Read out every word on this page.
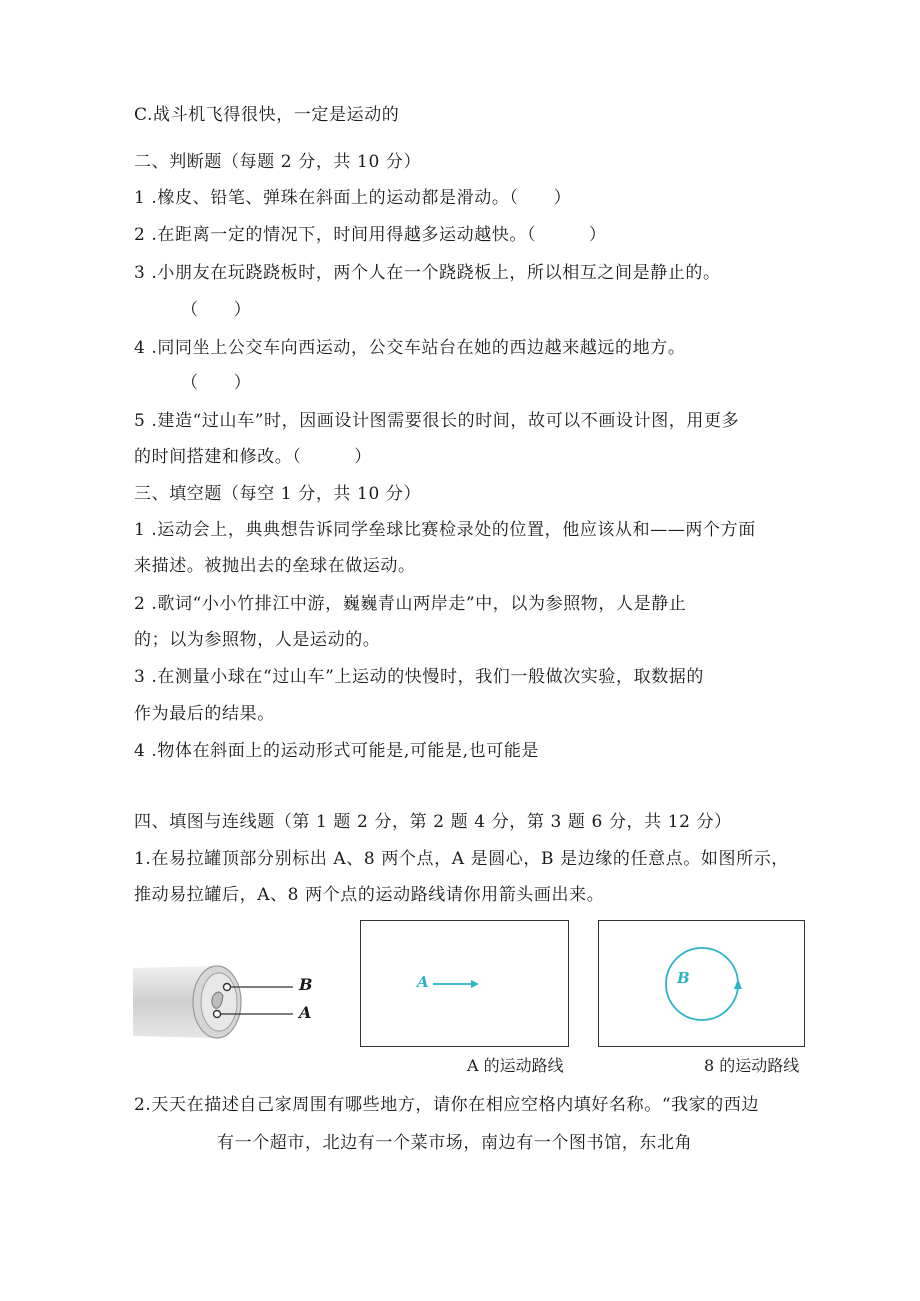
C.战斗机飞得很快，一定是运动的
二、判断题（每题 2 分，共 10 分）
1 .橡皮、铅笔、弹珠在斜面上的运动都是滑动。（　　）
2 .在距离一定的情况下，时间用得越多运动越快。（　　　）
3 .小朋友在玩跷跷板时，两个人在一个跷跷板上，所以相互之间是静止的。
（　　）
4 .同同坐上公交车向西运动，公交车站台在她的西边越来越远的地方。
（　　）
5 .建造“过山车”时，因画设计图需要很长的时间，故可以不画设计图，用更多
的时间搭建和修改。（　　　）
三、填空题（每空 1 分，共 10 分）
1 .运动会上，典典想告诉同学垒球比赛检录处的位置，他应该从和——两个方面
来描述。被抛出去的垒球在做运动。
2 .歌词“小小竹排江中游，巍巍青山两岸走”中，以为参照物，人是静止
的；以为参照物，人是运动的。
3 .在测量小球在“过山车”上运动的快慢时，我们一般做次实验，取数据的
作为最后的结果。
4 .物体在斜面上的运动形式可能是,可能是,也可能是
四、填图与连线题（第 1 题 2 分，第 2 题 4 分，第 3 题 6 分，共 12 分）
1.在易拉罐顶部分别标出 A、8 两个点，A 是圆心，B 是边缘的任意点。如图所示，
推动易拉罐后，A、8 两个点的运动路线请你用箭头画出来。
B
A
A	B
A 的运动路线	8 的运动路线
2.天天在描述自己家周围有哪些地方，请你在相应空格内填好名称。“我家的西边
有一个超市，北边有一个菜市场，南边有一个图书馆，东北角
